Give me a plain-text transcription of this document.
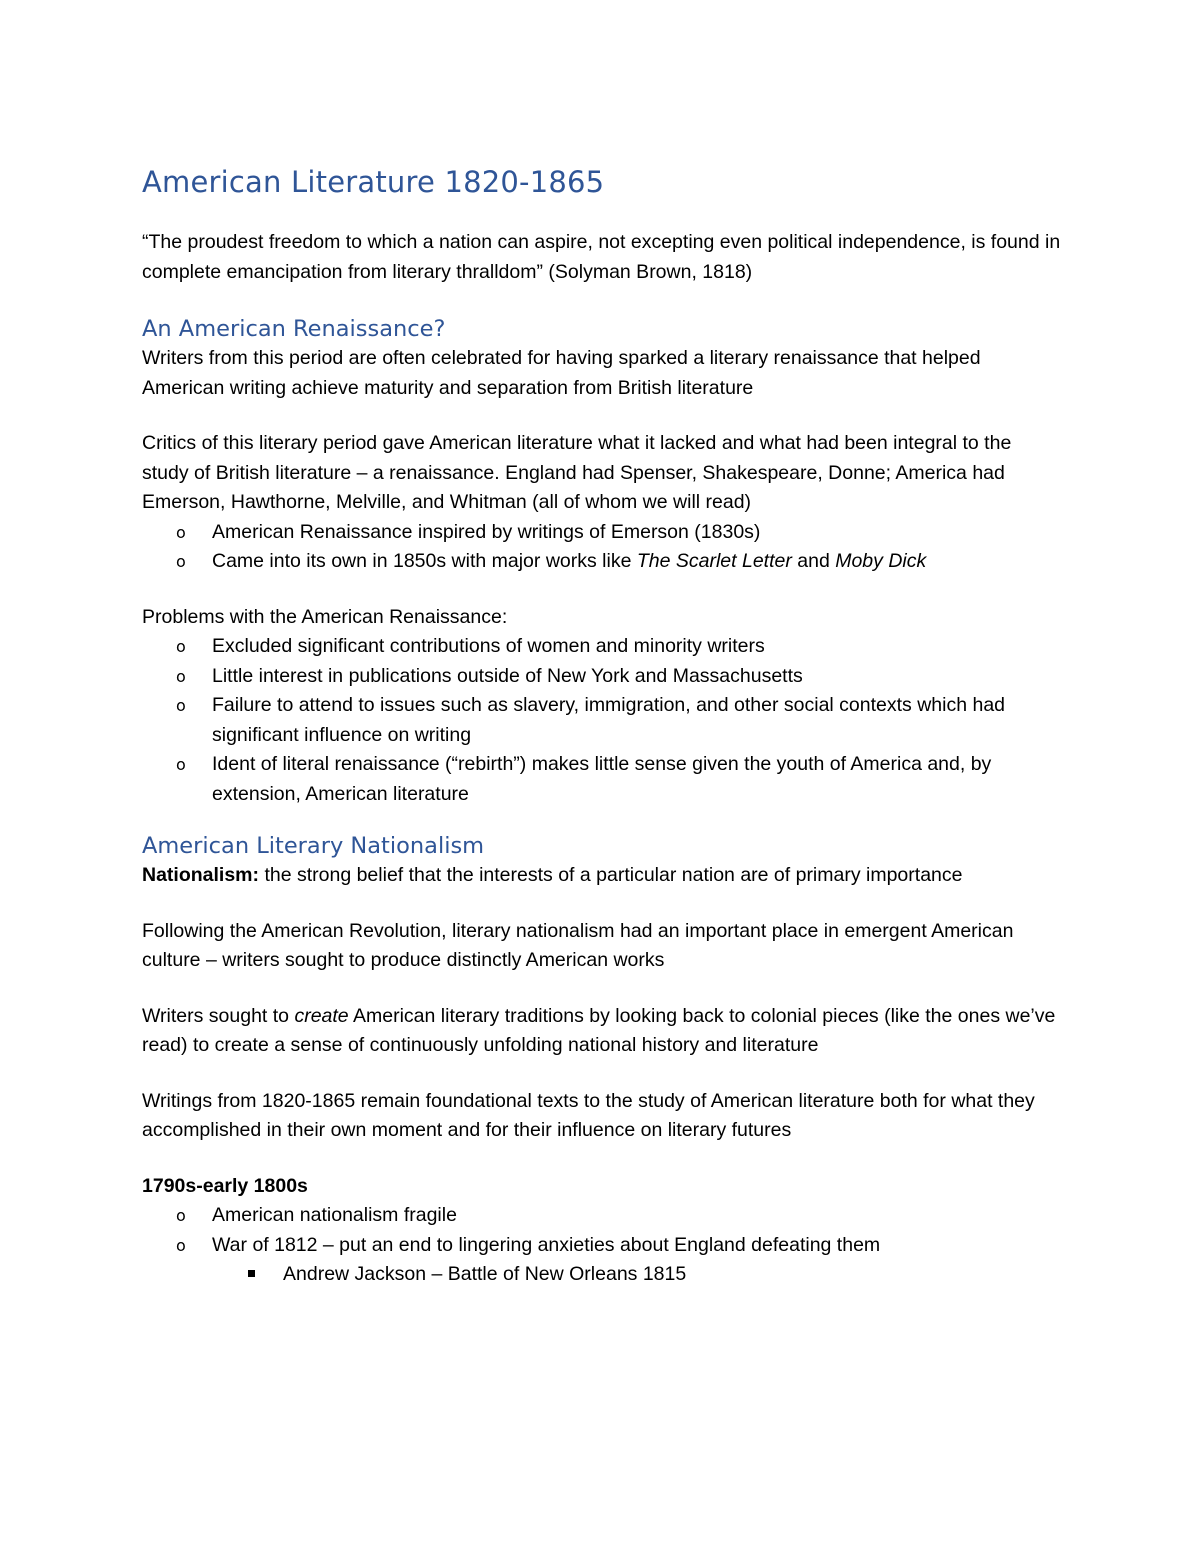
American Literature 1820-1865

“The proudest freedom to which a nation can aspire, not excepting even political independence, is found in complete emancipation from literary thralldom” (Solyman Brown, 1818)

An American Renaissance?

Writers from this period are often celebrated for having sparked a literary renaissance that helped American writing achieve maturity and separation from British literature

Critics of this literary period gave American literature what it lacked and what had been integral to the study of British literature – a renaissance. England had Spenser, Shakespeare, Donne; America had Emerson, Hawthorne, Melville, and Whitman (all of whom we will read)

o American Renaissance inspired by writings of Emerson (1830s)
o Came into its own in 1850s with major works like The Scarlet Letter and Moby Dick

Problems with the American Renaissance:

o Excluded significant contributions of women and minority writers
o Little interest in publications outside of New York and Massachusetts
o Failure to attend to issues such as slavery, immigration, and other social contexts which had significant influence on writing
o Ident of literal renaissance (“rebirth”) makes little sense given the youth of America and, by extension, American literature
American Literary Nationalism

Nationalism: the strong belief that the interests of a particular nation are of primary importance

Following the American Revolution, literary nationalism had an important place in emergent American culture – writers sought to produce distinctly American works

Writers sought to create American literary traditions by looking back to colonial pieces (like the ones we’ve read) to create a sense of continuously unfolding national history and literature

Writings from 1820-1865 remain foundational texts to the study of American literature both for what they accomplished in their own moment and for their influence on literary futures

1790s-early 1800s

o American nationalism fragile
o War of 1812 – put an end to lingering anxieties about England defeating them
Andrew Jackson – Battle of New Orleans 1815
